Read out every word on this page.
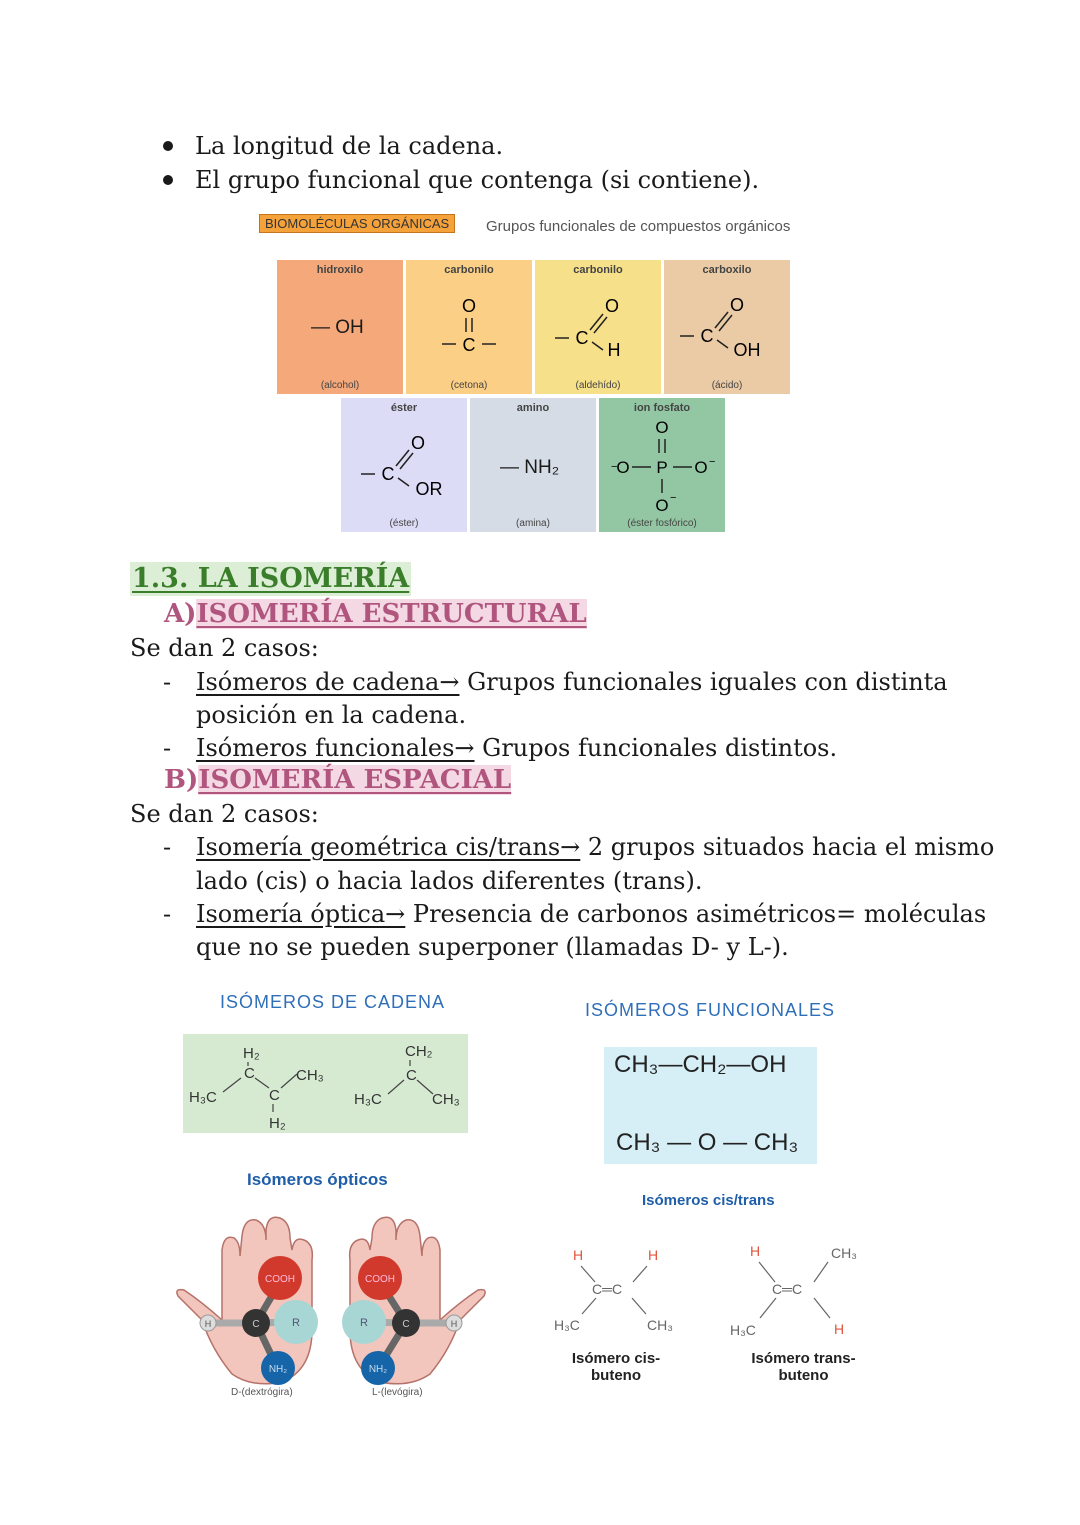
La longitud de la cadena.
El grupo funcional que contenga (si contiene).
BIOMOLÉCULAS ORGÁNICAS	Grupos funcionales de compuestos orgánicos
hidroxilo
— OH
(alcohol)
carbonilo
O
C
(cetona)
carbonilo
C
O
H
(aldehído)
carboxilo
C
O
OH
(ácido)
éster
C
O
OR
(éster)
amino
— NH₂
(amina)
ion fosfato
O
−
O P O −
O −
(éster fosfórico)
1.3. LA ISOMERÍA
A)ISOMERÍA ESTRUCTURAL
Se dan 2 casos:
- Isómeros de cadena→ Grupos funcionales iguales con distinta
posición en la cadena.
- Isómeros funcionales→ Grupos funcionales distintos.
B)ISOMERÍA ESPACIAL
Se dan 2 casos:
- Isomería geométrica cis/trans→ 2 grupos situados hacia el mismo
lado (cis) o hacia lados diferentes (trans).
- Isomería óptica→ Presencia de carbonos asimétricos= moléculas
que no se pueden superponer (llamadas D- y L-).
ISÓMEROS DE CADENA
H₂
C	CH₃
H₃C	C
H₂
CH₂
C
H₃C	CH₃
ISÓMEROS FUNCIONALES
CH₃—CH₂—OH
CH₃ — O — CH₃
Isómeros ópticos
H
COOH
C	R
NH₂
H
COOH
C
R
NH₂
D-(dextrógira)	L-(levógira)
Isómeros cis/trans
H	H
C═C
H₃C	CH₃
H	CH₃
C═C
H₃C	H
Isómero cis-
buteno
Isómero trans-
buteno
